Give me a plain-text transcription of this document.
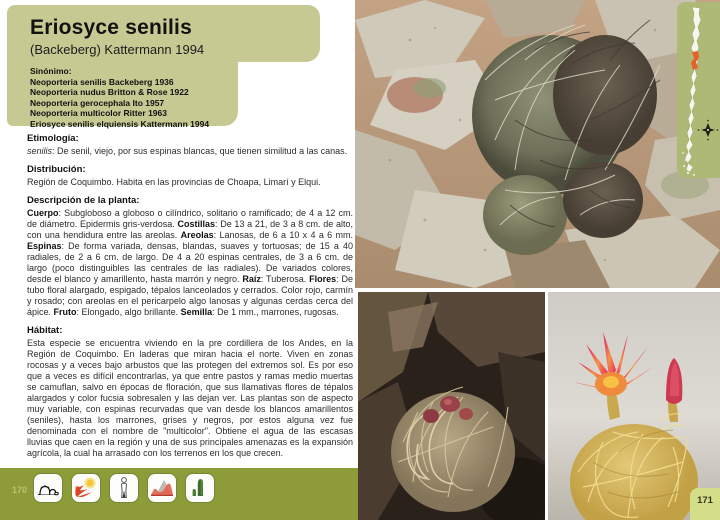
Eriosyce senilis
(Backeberg) Kattermann 1994
Sinónimo:
Neoporteria senilis Backeberg 1936
Neoporteria nudus Britton & Rose 1922
Neoporteria gerocephala Ito 1957
Neoporteria multicolor Ritter 1963
Eriosyce senilis elquiensis Kattermann 1994
Etimología:
senilis: De senil, viejo, por sus espinas blancas, que tienen similitud a las canas.
Distribución:
Región de Coquimbo. Habita en las provincias de Choapa, Limarí y Elqui.
Descripción de la planta:
Cuerpo: Subgloboso a globoso o cilíndrico, solitario o ramificado; de 4 a 12 cm. de diámetro. Epidermis gris-verdosa. Costillas: De 13 a 21, de 3 a 8 cm. de alto, con una hendidura entre las areolas. Areolas: Lanosas, de 6 a 10 x 4 a 6 mm. Espinas: De forma variada, densas, blandas, suaves y tortuosas; de 15 a 40 radiales, de 2 a 6 cm. de largo. De 4 a 20 espinas centrales, de 3 a 6 cm. de largo (poco distinguibles las centrales de las radiales). De variados colores, desde el blanco y amarillento, hasta marrón y negro. Raíz: Tuberosa. Flores: De tubo floral alargado, espigado, tépalos lanceolados y cerrados. Color rojo, carmín y rosado; con areolas en el pericarpelo algo lanosas y algunas cerdas cerca del ápice. Fruto: Elongado, algo brillante. Semilla: De 1 mm., marrones, rugosas.
Hábitat:
Esta especie se encuentra viviendo en la pre cordillera de los Andes, en la Región de Coquimbo. En laderas que miran hacia el norte. Viven en zonas rocosas y a veces bajo arbustos que las protegen del extremos sol. Es por eso que a veces es difícil encontrarlas, ya que entre pastos y ramas medio muertas se camuflan, salvo en épocas de floración, que sus llamativas flores de tépalos alargados y color fucsia sobresalen y las dejan ver. Las plantas son de aspecto muy variable, con espinas recurvadas que van desde los blancos amarillentos (seniles), hasta los marrones, grises y negros, por estos alguna vez fue denominada con el nombre de "multicolor". Obtiene el agua de las escasas lluvias que caen en la región y una de sus principales amenazas es la expansión agrícola, la cual ha arrasado con los terrenos en los que crecen.
170
171
